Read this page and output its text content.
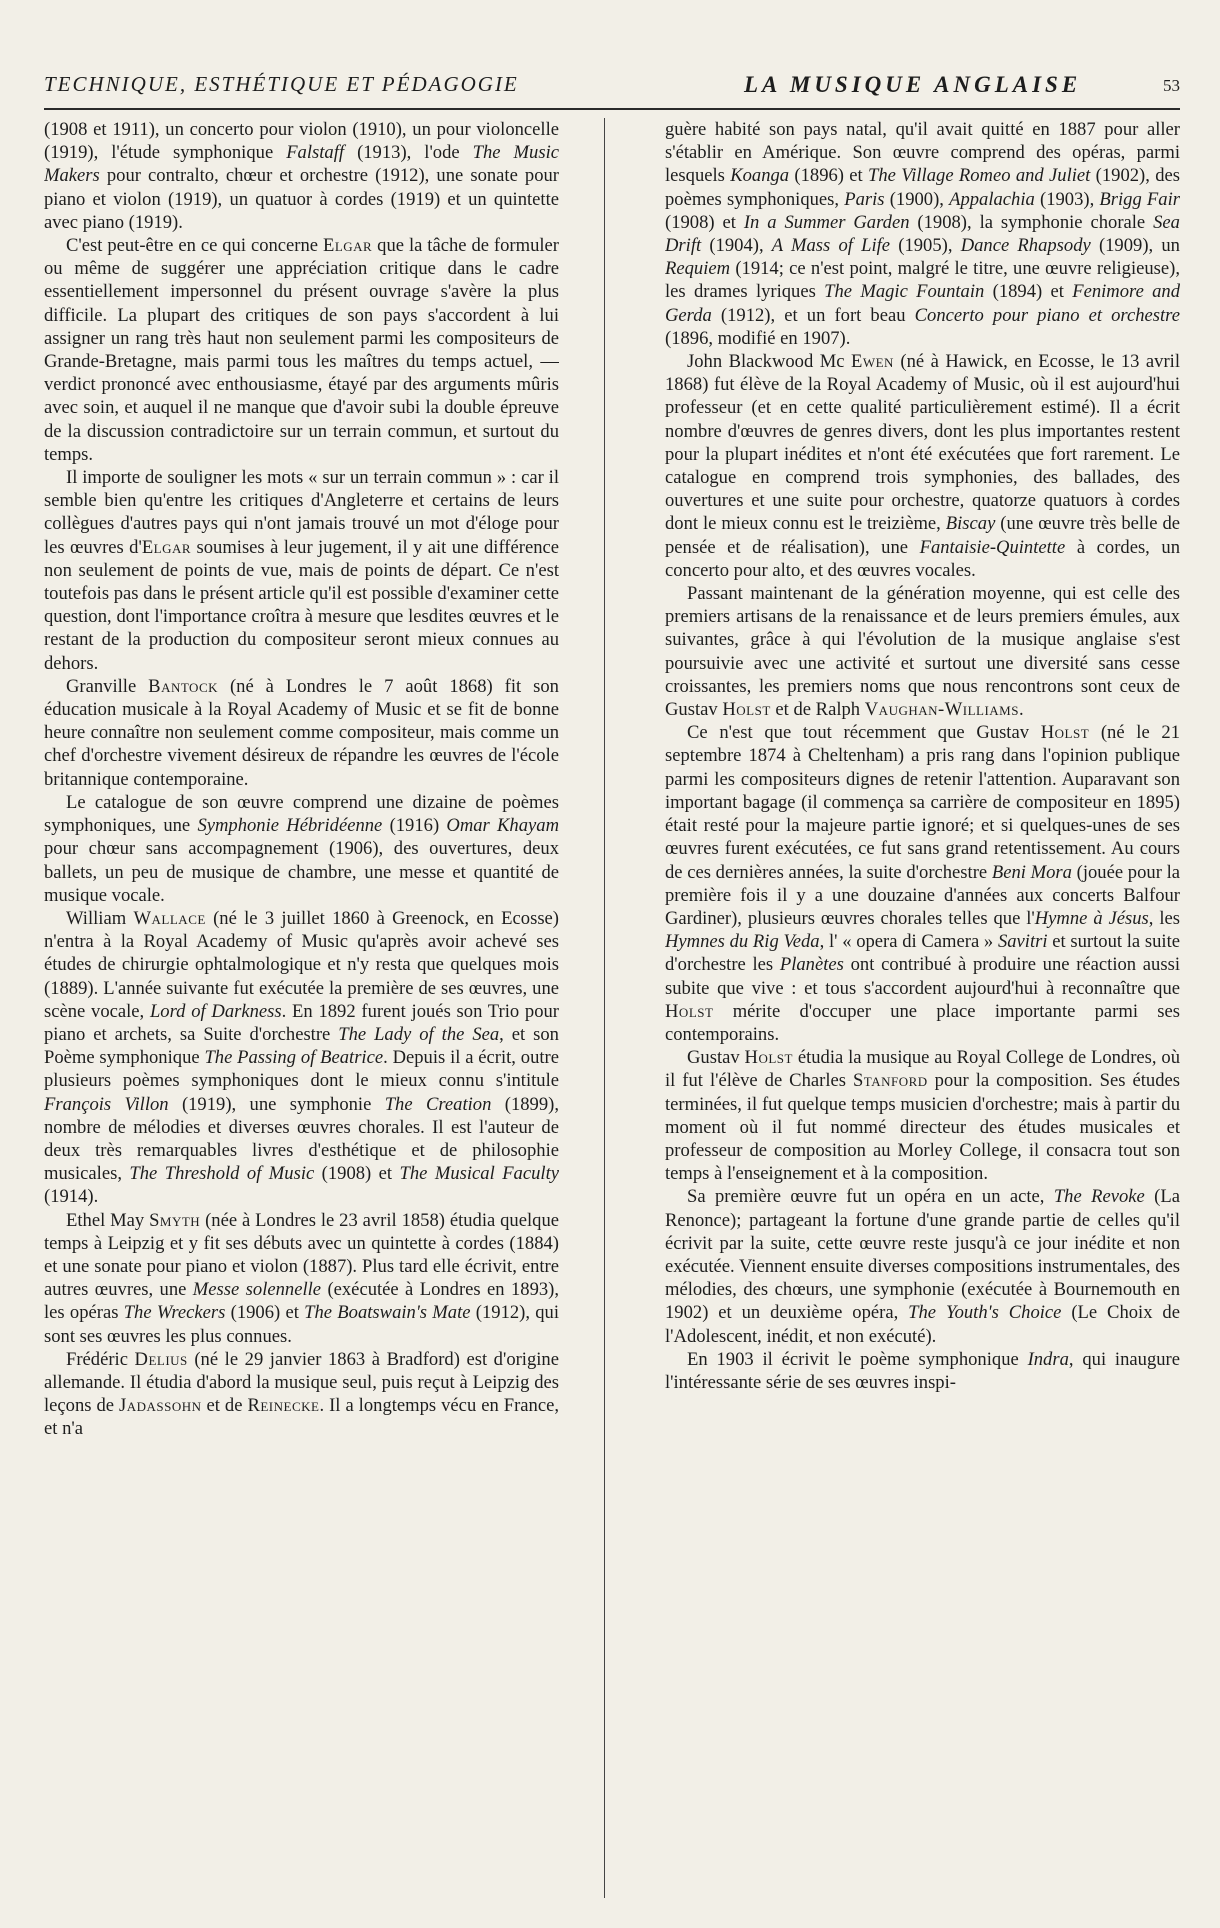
TECHNIQUE, ESTHÉTIQUE ET PÉDAGOGIE	LA MUSIQUE ANGLAISE	53

(1908 et 1911), un concerto pour violon (1910), un pour violoncelle (1919), l'étude symphonique Falstaff (1913), l'ode The Music Makers pour contralto, chœur et orchestre (1912), une sonate pour piano et violon (1919), un quatuor à cordes (1919) et un quintette avec piano (1919).

C'est peut-être en ce qui concerne Elgar que la tâche de formuler ou même de suggérer une appréciation critique dans le cadre essentiellement impersonnel du présent ouvrage s'avère la plus difficile. La plupart des critiques de son pays s'accordent à lui assigner un rang très haut non seulement parmi les compositeurs de Grande-Bretagne, mais parmi tous les maîtres du temps actuel, — verdict prononcé avec enthousiasme, étayé par des arguments mûris avec soin, et auquel il ne manque que d'avoir subi la double épreuve de la discussion contradictoire sur un terrain commun, et surtout du temps.

Il importe de souligner les mots « sur un terrain commun » : car il semble bien qu'entre les critiques d'Angleterre et certains de leurs collègues d'autres pays qui n'ont jamais trouvé un mot d'éloge pour les œuvres d'Elgar soumises à leur jugement, il y ait une différence non seulement de points de vue, mais de points de départ. Ce n'est toutefois pas dans le présent article qu'il est possible d'examiner cette question, dont l'importance croîtra à mesure que lesdites œuvres et le restant de la production du compositeur seront mieux connues au dehors.

Granville Bantock (né à Londres le 7 août 1868) fit son éducation musicale à la Royal Academy of Music et se fit de bonne heure connaître non seulement comme compositeur, mais comme un chef d'orchestre vivement désireux de répandre les œuvres de l'école britannique contemporaine.

Le catalogue de son œuvre comprend une dizaine de poèmes symphoniques, une Symphonie Hébridéenne (1916) Omar Khayam pour chœur sans accompagnement (1906), des ouvertures, deux ballets, un peu de musique de chambre, une messe et quantité de musique vocale.

William Wallace (né le 3 juillet 1860 à Greenock, en Ecosse) n'entra à la Royal Academy of Music qu'après avoir achevé ses études de chirurgie ophtalmologique et n'y resta que quelques mois (1889). L'année suivante fut exécutée la première de ses œuvres, une scène vocale, Lord of Darkness. En 1892 furent joués son Trio pour piano et archets, sa Suite d'orchestre The Lady of the Sea, et son Poème symphonique The Passing of Beatrice. Depuis il a écrit, outre plusieurs poèmes symphoniques dont le mieux connu s'intitule François Villon (1919), une symphonie The Creation (1899), nombre de mélodies et diverses œuvres chorales. Il est l'auteur de deux très remarquables livres d'esthétique et de philosophie musicales, The Threshold of Music (1908) et The Musical Faculty (1914).

Ethel May Smyth (née à Londres le 23 avril 1858) étudia quelque temps à Leipzig et y fit ses débuts avec un quintette à cordes (1884) et une sonate pour piano et violon (1887). Plus tard elle écrivit, entre autres œuvres, une Messe solennelle (exécutée à Londres en 1893), les opéras The Wreckers (1906) et The Boatswain's Mate (1912), qui sont ses œuvres les plus connues.

Frédéric Delius (né le 29 janvier 1863 à Bradford) est d'origine allemande. Il étudia d'abord la musique seul, puis reçut à Leipzig des leçons de Jadassohn et de Reinecke. Il a longtemps vécu en France, et n'a

guère habité son pays natal, qu'il avait quitté en 1887 pour aller s'établir en Amérique. Son œuvre comprend des opéras, parmi lesquels Koanga (1896) et The Village Romeo and Juliet (1902), des poèmes symphoniques, Paris (1900), Appalachia (1903), Brigg Fair (1908) et In a Summer Garden (1908), la symphonie chorale Sea Drift (1904), A Mass of Life (1905), Dance Rhapsody (1909), un Requiem (1914; ce n'est point, malgré le titre, une œuvre religieuse), les drames lyriques The Magic Fountain (1894) et Fenimore and Gerda (1912), et un fort beau Concerto pour piano et orchestre (1896, modifié en 1907).

John Blackwood Mc Ewen (né à Hawick, en Ecosse, le 13 avril 1868) fut élève de la Royal Academy of Music, où il est aujourd'hui professeur (et en cette qualité particulièrement estimé). Il a écrit nombre d'œuvres de genres divers, dont les plus importantes restent pour la plupart inédites et n'ont été exécutées que fort rarement. Le catalogue en comprend trois symphonies, des ballades, des ouvertures et une suite pour orchestre, quatorze quatuors à cordes dont le mieux connu est le treizième, Biscay (une œuvre très belle de pensée et de réalisation), une Fantaisie-Quintette à cordes, un concerto pour alto, et des œuvres vocales.

Passant maintenant de la génération moyenne, qui est celle des premiers artisans de la renaissance et de leurs premiers émules, aux suivantes, grâce à qui l'évolution de la musique anglaise s'est poursuivie avec une activité et surtout une diversité sans cesse croissantes, les premiers noms que nous rencontrons sont ceux de Gustav Holst et de Ralph Vaughan-Williams.

Ce n'est que tout récemment que Gustav Holst (né le 21 septembre 1874 à Cheltenham) a pris rang dans l'opinion publique parmi les compositeurs dignes de retenir l'attention. Auparavant son important bagage (il commença sa carrière de compositeur en 1895) était resté pour la majeure partie ignoré; et si quelques-unes de ses œuvres furent exécutées, ce fut sans grand retentissement. Au cours de ces dernières années, la suite d'orchestre Beni Mora (jouée pour la première fois il y a une douzaine d'années aux concerts Balfour Gardiner), plusieurs œuvres chorales telles que l'Hymne à Jésus, les Hymnes du Rig Veda, l' « opera di Camera » Savitri et surtout la suite d'orchestre les Planètes ont contribué à produire une réaction aussi subite que vive : et tous s'accordent aujourd'hui à reconnaître que Holst mérite d'occuper une place importante parmi ses contemporains.

Gustav Holst étudia la musique au Royal College de Londres, où il fut l'élève de Charles Stanford pour la composition. Ses études terminées, il fut quelque temps musicien d'orchestre; mais à partir du moment où il fut nommé directeur des études musicales et professeur de composition au Morley College, il consacra tout son temps à l'enseignement et à la composition.

Sa première œuvre fut un opéra en un acte, The Revoke (La Renonce); partageant la fortune d'une grande partie de celles qu'il écrivit par la suite, cette œuvre reste jusqu'à ce jour inédite et non exécutée. Viennent ensuite diverses compositions instrumentales, des mélodies, des chœurs, une symphonie (exécutée à Bournemouth en 1902) et un deuxième opéra, The Youth's Choice (Le Choix de l'Adolescent, inédit, et non exécuté).

En 1903 il écrivit le poème symphonique Indra, qui inaugure l'intéressante série de ses œuvres inspi-
